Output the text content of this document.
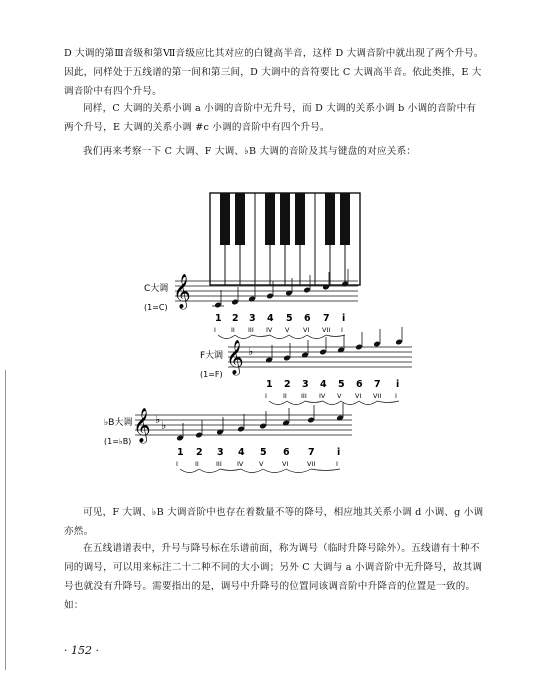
D 大调的第Ⅲ音级和第Ⅶ音级应比其对应的白键高半音，这样 D 大调音阶中就出现了两个升号。因此，同样处于五线谱的第一间和第三间，D 大调中的音符要比 C 大调高半音。依此类推，E 大调音阶中有四个升号。
同样，C 大调的关系小调 a 小调的音阶中无升号，而 D 大调的关系小调 b 小调的音阶中有两个升号，E 大调的关系小调 #c 小调的音阶中有四个升号。
我们再来考察一下 C 大调、F 大调、♭B 大调的音阶及其与键盘的对应关系：
C大调
(1=C) 𝄞
1
I
2
II
3
III
4
IV
5
V
6
VI
7
VII
i
I
F大调
(1=F) 𝄞 ♭
1
I
2
II
3
III
4
IV
5
V
6
VI
7
VII
i
I
♭B大调
(1=♭B) 𝄞 ♭ ♭
1
I
2
II
3
III
4
IV
5
V
6
VI
7
VII
i
I
可见，F 大调、♭B 大调音阶中也存在着数量不等的降号，相应地其关系小调 d 小调、g 小调亦然。
在五线谱谱表中，升号与降号标在乐谱前面，称为调号（临时升降号除外）。五线谱有十种不同的调号，可以用来标注二十二种不同的大小调；另外 C 大调与 a 小调音阶中无升降号，故其调号也就没有升降号。需要指出的是，调号中升降号的位置同该调音阶中升降音的位置是一致的。如：
· 152 ·
